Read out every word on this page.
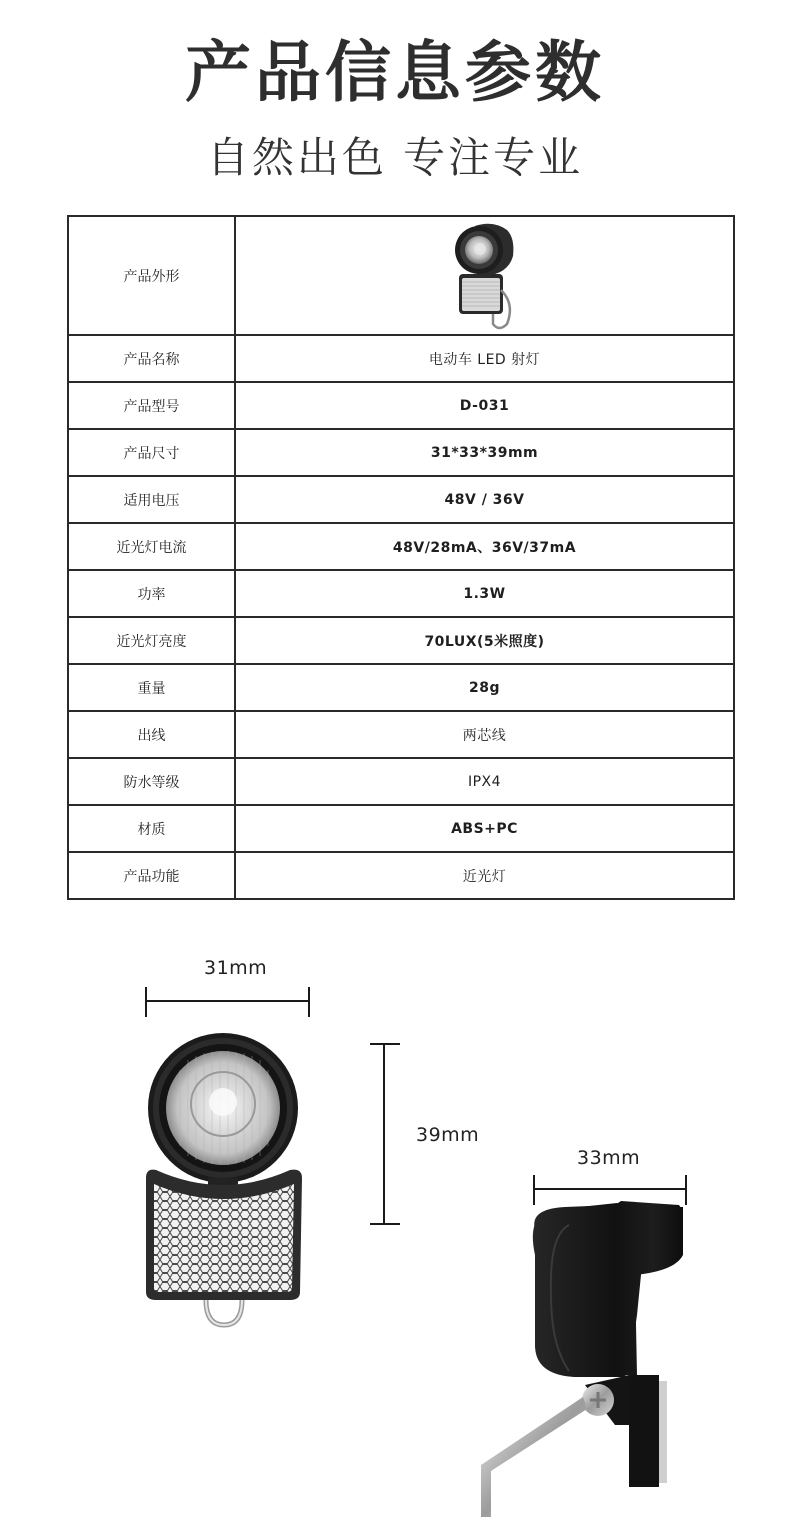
产品信息参数
自然出色 专注专业
产品外形	
产品名称	电动车 LED 射灯
产品型号	D-031
产品尺寸	31*33*39mm
适用电压	48V / 36V
近光灯电流	48V/28mA、36V/37mA
功率	1.3W
近光灯亮度	70LUX(5米照度)
重量	28g
出线	两芯线
防水等级	IPX4
材质	ABS+PC
产品功能	近光灯
31mm
39mm
33mm
